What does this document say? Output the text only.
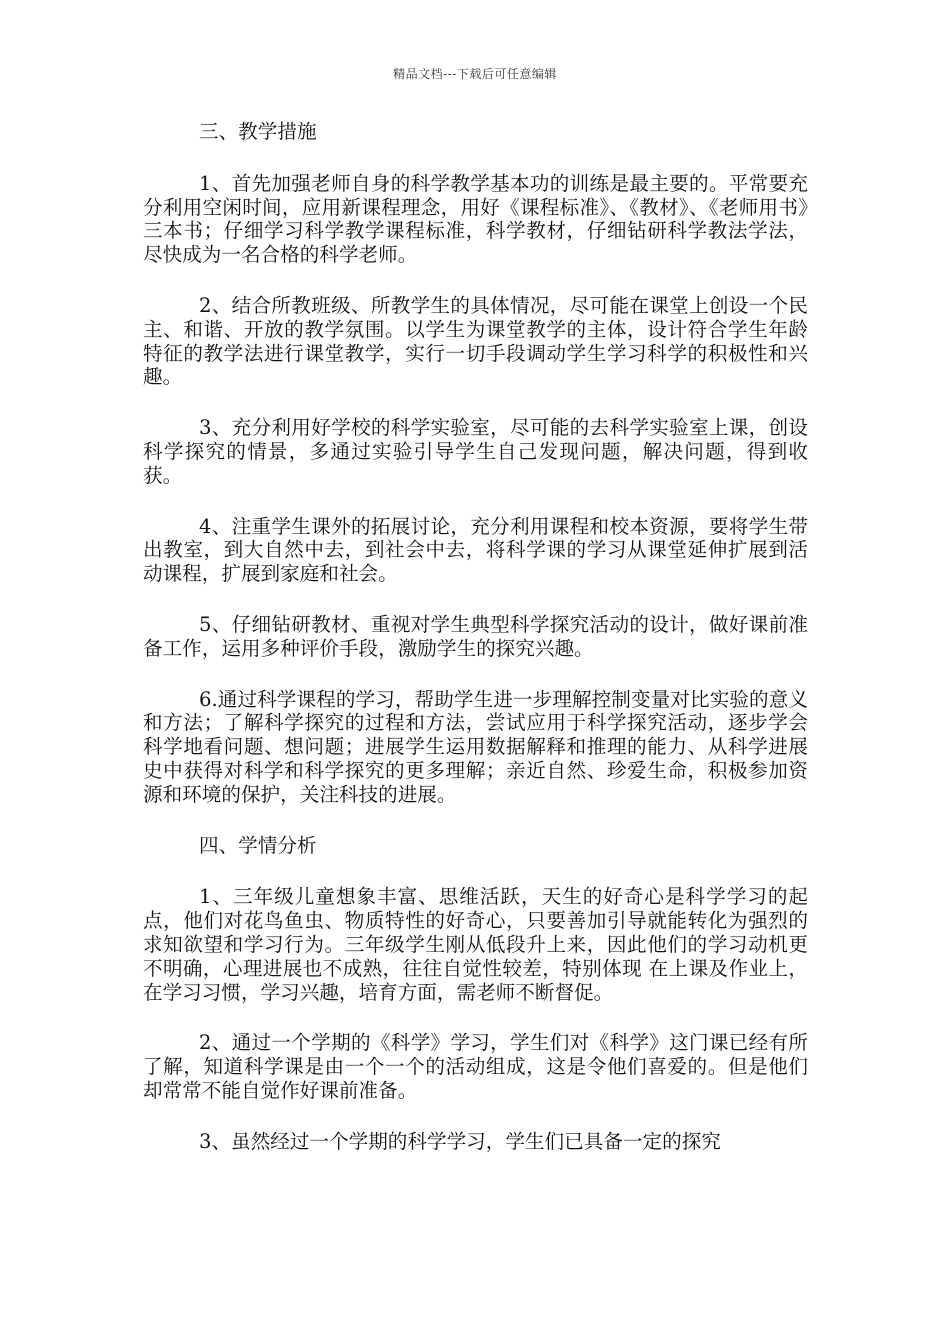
精品文档---下载后可任意编辑

三、教学措施

1、首先加强老师自身的科学教学基本功的训练是最主要的。平常要充分利用空闲时间，应用新课程理念，用好《课程标准》、《教材》、《老师用书》三本书；仔细学习科学教学课程标准，科学教材，仔细钻研科学教法学法，尽快成为一名合格的科学老师。

2、结合所教班级、所教学生的具体情况，尽可能在课堂上创设一个民主、和谐、开放的教学氛围。以学生为课堂教学的主体，设计符合学生年龄特征的教学法进行课堂教学，实行一切手段调动学生学习科学的积极性和兴趣。

3、充分利用好学校的科学实验室，尽可能的去科学实验室上课，创设科学探究的情景，多通过实验引导学生自己发现问题，解决问题，得到收获。

4、注重学生课外的拓展讨论，充分利用课程和校本资源，要将学生带出教室，到大自然中去，到社会中去，将科学课的学习从课堂延伸扩展到活动课程，扩展到家庭和社会。

5、仔细钻研教材、重视对学生典型科学探究活动的设计，做好课前准备工作，运用多种评价手段，激励学生的探究兴趣。

6.通过科学课程的学习，帮助学生进一步理解控制变量对比实验的意义和方法；了解科学探究的过程和方法，尝试应用于科学探究活动，逐步学会科学地看问题、想问题；进展学生运用数据解释和推理的能力、从科学进展史中获得对科学和科学探究的更多理解；亲近自然、珍爱生命，积极参加资源和环境的保护，关注科技的进展。

四、学情分析

1、三年级儿童想象丰富、思维活跃，天生的好奇心是科学学习的起点，他们对花鸟鱼虫、物质特性的好奇心，只要善加引导就能转化为强烈的求知欲望和学习行为。三年级学生刚从低段升上来，因此他们的学习动机更不明确，心理进展也不成熟，往往自觉性较差，特别体现 在上课及作业上，在学习习惯，学习兴趣，培育方面，需老师不断督促。

2、通过一个学期的《科学》学习，学生们对《科学》这门课已经有所了解，知道科学课是由一个一个的活动组成，这是令他们喜爱的。但是他们却常常不能自觉作好课前准备。

3、虽然经过一个学期的科学学习，学生们已具备一定的探究
